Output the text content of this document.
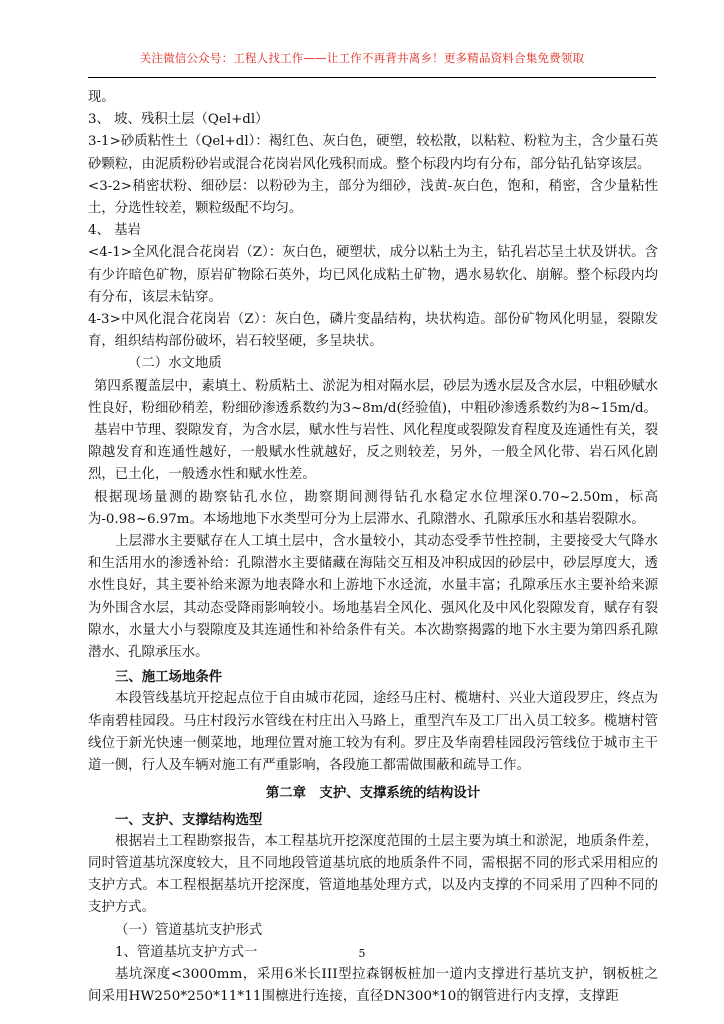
关注微信公众号：工程人找工作——让工作不再背井离乡！更多精品资料合集免费领取

现。

3、 坡、残积土层（Qel+dl）

3-1>砂质粘性土（Qel+dl）：褐红色、灰白色，硬塑，较松散，以粘粒、粉粒为主，含少量石英砂颗粒，由泥质粉砂岩或混合花岗岩风化残积而成。整个标段内均有分布，部分钻孔钻穿该层。

<3-2>稍密状粉、细砂层：以粉砂为主，部分为细砂，浅黄-灰白色，饱和，稍密，含少量粘性土，分选性较差，颗粒级配不均匀。

4、 基岩

<4-1>全风化混合花岗岩（Z）：灰白色，硬塑状，成分以粘土为主，钻孔岩芯呈土状及饼状。含有少许暗色矿物，原岩矿物除石英外，均已风化成粘土矿物，遇水易软化、崩解。整个标段内均有分布，该层未钻穿。

4-3>中风化混合花岗岩（Z）：灰白色，磷片变晶结构，块状构造。部份矿物风化明显，裂隙发育，组织结构部份破坏，岩石较坚硬，多呈块状。

（二）水文地质

第四系覆盖层中，素填土、粉质粘土、淤泥为相对隔水层，砂层为透水层及含水层，中粗砂赋水性良好，粉细砂稍差，粉细砂渗透系数约为3~8m/d(经验值)，中粗砂渗透系数约为8~15m/d。

基岩中节理、裂隙发育，为含水层，赋水性与岩性、风化程度或裂隙发育程度及连通性有关，裂隙越发育和连通性越好，一般赋水性就越好，反之则较差，另外，一般全风化带、岩石风化剧烈，已土化，一般透水性和赋水性差。

根据现场量测的勘察钻孔水位，勘察期间测得钻孔水稳定水位埋深0.70~2.50m，标高为-0.98~6.97m。本场地地下水类型可分为上层滞水、孔隙潜水、孔隙承压水和基岩裂隙水。

上层滞水主要赋存在人工填土层中，含水量较小，其动态受季节性控制，主要接受大气降水和生活用水的渗透补给：孔隙潜水主要储藏在海陆交互相及冲积成因的砂层中，砂层厚度大，透水性良好，其主要补给来源为地表降水和上游地下水迳流，水量丰富；孔隙承压水主要补给来源为外围含水层，其动态受降雨影响较小。场地基岩全风化、强风化及中风化裂隙发育，赋存有裂隙水，水量大小与裂隙度及其连通性和补给条件有关。本次勘察揭露的地下水主要为第四系孔隙潜水、孔隙承压水。

三、施工场地条件

本段管线基坑开挖起点位于自由城市花园，途经马庄村、榄塘村、兴业大道段罗庄，终点为华南碧桂园段。马庄村段污水管线在村庄出入马路上，重型汽车及工厂出入员工较多。榄塘村管线位于新光快速一侧菜地，地理位置对施工较为有利。罗庄及华南碧桂园段污管线位于城市主干道一侧，行人及车辆对施工有严重影响，各段施工都需做围蔽和疏导工作。

第二章　支护、支撑系统的结构设计

一、支护、支撑结构选型

根据岩土工程勘察报告，本工程基坑开挖深度范围的土层主要为填土和淤泥，地质条件差，同时管道基坑深度较大，且不同地段管道基坑底的地质条件不同，需根据不同的形式采用相应的支护方式。本工程根据基坑开挖深度，管道地基处理方式，以及内支撑的不同采用了四种不同的支护方式。

（一）管道基坑支护形式

1、管道基坑支护方式一

基坑深度<3000mm，采用6米长III型拉森钢板桩加一道内支撑进行基坑支护，钢板桩之间采用HW250*250*11*11围檩进行连接，直径DN300*10的钢管进行内支撑，支撑距

5
